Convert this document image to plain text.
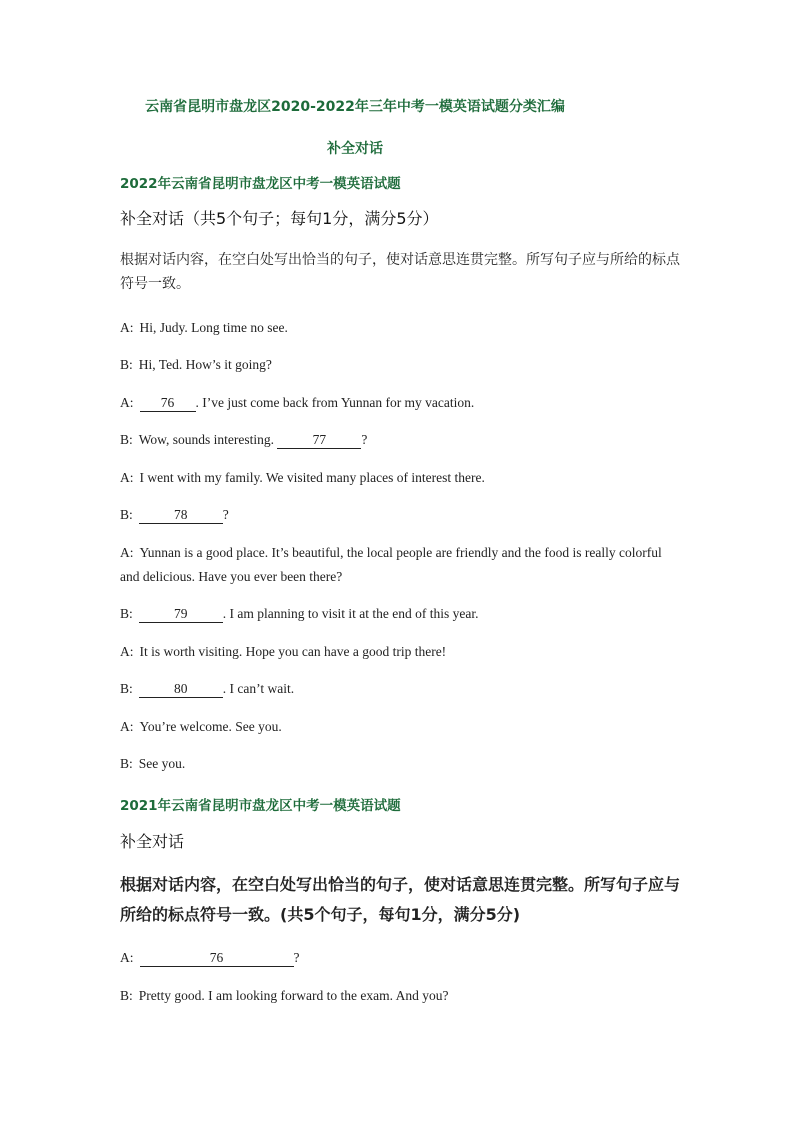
云南省昆明市盘龙区2020-2022年三年中考一模英语试题分类汇编
补全对话
2022年云南省昆明市盘龙区中考一模英语试题
补全对话（共5个句子；每句1分，满分5分）
根据对话内容，在空白处写出恰当的句子，使对话意思连贯完整。所写句子应与所给的标点符号一致。
A: Hi, Judy. Long time no see.
B: Hi, Ted. How’s it going?
A: 76 . I’ve just come back from Yunnan for my vacation.
B: Wow, sounds interesting.	77	?
A: I went with my family. We visited many places of interest there.
B:	78	?
A: Yunnan is a good place. It’s beautiful, the local people are friendly and the food is really colorful and delicious. Have you ever been there?
B:	79	. I am planning to visit it at the end of this year.
A: It is worth visiting. Hope you can have a good trip there!
B:	80	. I can’t wait.
A: You’re welcome. See you.
B: See you.
2021年云南省昆明市盘龙区中考一模英语试题
补全对话
根据对话内容，在空白处写出恰当的句子，使对话意思连贯完整。所写句子应与所给的标点符号一致。(共5个句子，每句1分，满分5分)
A:	76	?
B: Pretty good. I am looking forward to the exam. And you?
